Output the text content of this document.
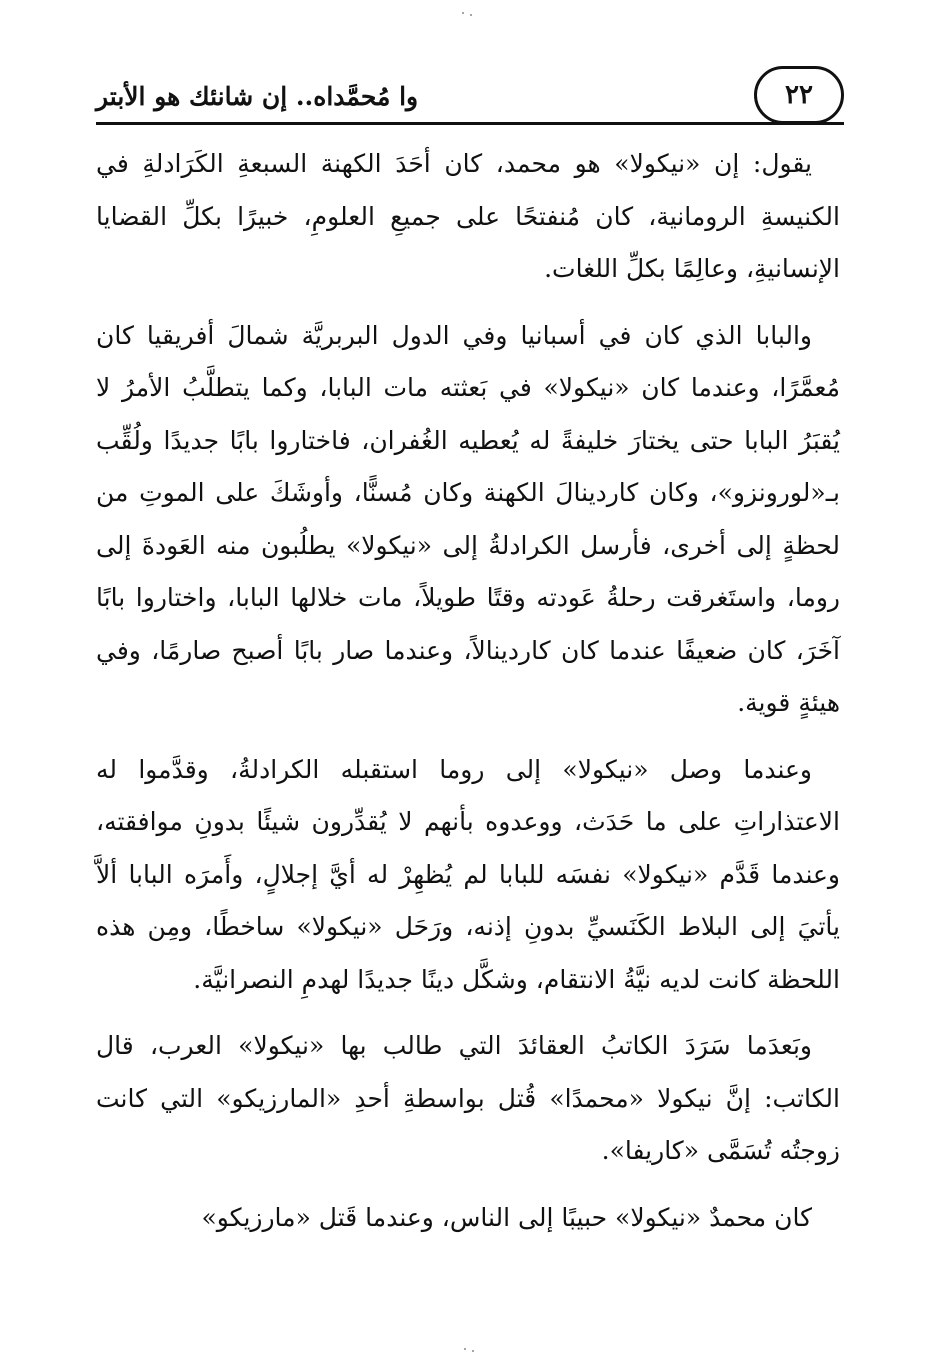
٢٢
وا مُحمَّداه.. إن شانئك هو الأبتر

يقول: إن «نيكولا» هو محمد، كان أحَدَ الكهنة السبعةِ الكَرَادلةِ في الكنيسةِ الرومانية، كان مُنفتحًا على جميعِ العلومِ، خبيرًا بكلِّ القضايا الإنسانيةِ، وعالِمًا بكلِّ اللغات.

والبابا الذي كان في أسبانيا وفي الدول البربريَّة شمالَ أفريقيا كان مُعمَّرًا، وعندما كان «نيكولا» في بَعثته مات البابا، وكما يتطلَّبُ الأمرُ لا يُقبَرُ البابا حتى يختارَ خليفةً له يُعطيه الغُفران، فاختاروا بابًا جديدًا ولُقِّب بـ«لورونزو»، وكان كاردينالَ الكهنة وكان مُسنًّا، وأوشَكَ على الموتِ من لحظةٍ إلى أخرى، فأرسل الكرادلةُ إلى «نيكولا» يطلُبون منه العَودةَ إلى روما، واستَغرقت رحلةُ عَودته وقتًا طويلاً، مات خلالها البابا، واختاروا بابًا آخَرَ، كان ضعيفًا عندما كان كاردينالاً، وعندما صار بابًا أصبح صارمًا، وفي هيئةٍ قوية.

وعندما وصل «نيكولا» إلى روما استقبله الكرادلةُ، وقدَّموا له الاعتذاراتِ على ما حَدَث، ووعدوه بأنهم لا يُقدِّرون شيئًا بدونِ موافقته، وعندما قَدَّم «نيكولا» نفسَه للبابا لم يُظهِرْ له أيَّ إجلالٍ، وأَمرَه البابا ألاَّ يأتيَ إلى البلاط الكَنَسيِّ بدونِ إذنه، ورَحَل «نيكولا» ساخطًا، ومِن هذه اللحظة كانت لديه نيَّةُ الانتقام، وشكَّل دينًا جديدًا لهدمِ النصرانيَّة.

وبَعدَما سَرَدَ الكاتبُ العقائدَ التي طالب بها «نيكولا» العرب، قال الكاتب: إنَّ نيكولا «محمدًا» قُتل بواسطةِ أحدِ «المارزيكو» التي كانت زوجتُه تُسَمَّى «كاريفا».

كان محمدٌ «نيكولا» حبيبًا إلى الناس، وعندما قَتل «مارزيكو»
